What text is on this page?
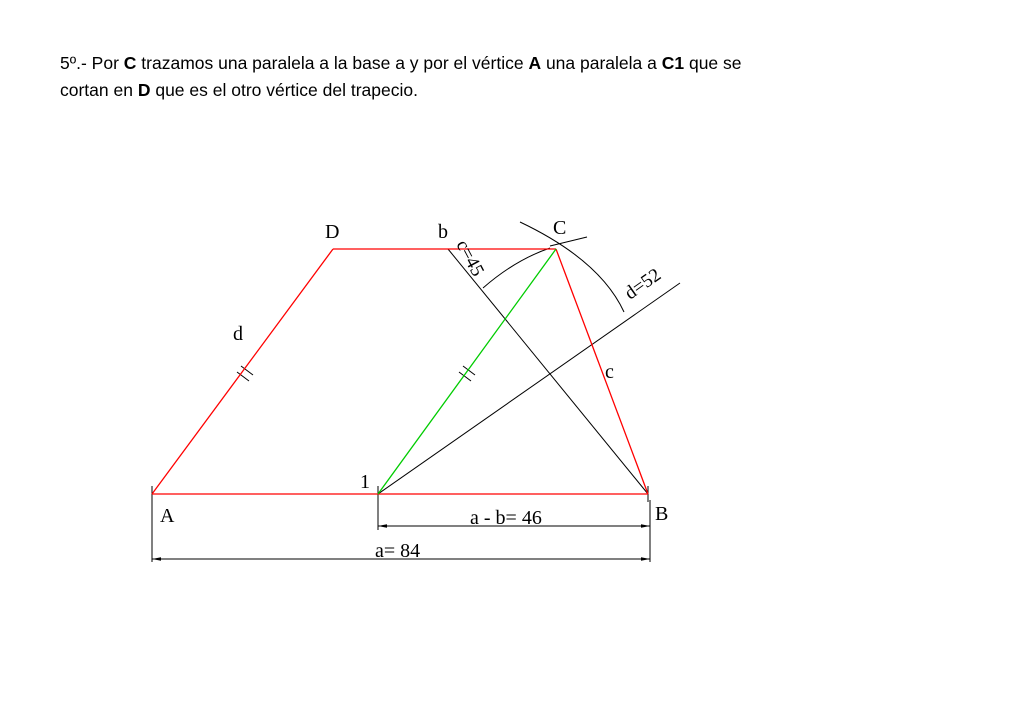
5º.- Por C trazamos una paralela a la base a y por el vértice A una paralela a C1 que se
cortan en D que es el otro vértice del trapecio.
D	b	C
d
c
1
A	B
c=45
d=52
a - b= 46
a= 84
